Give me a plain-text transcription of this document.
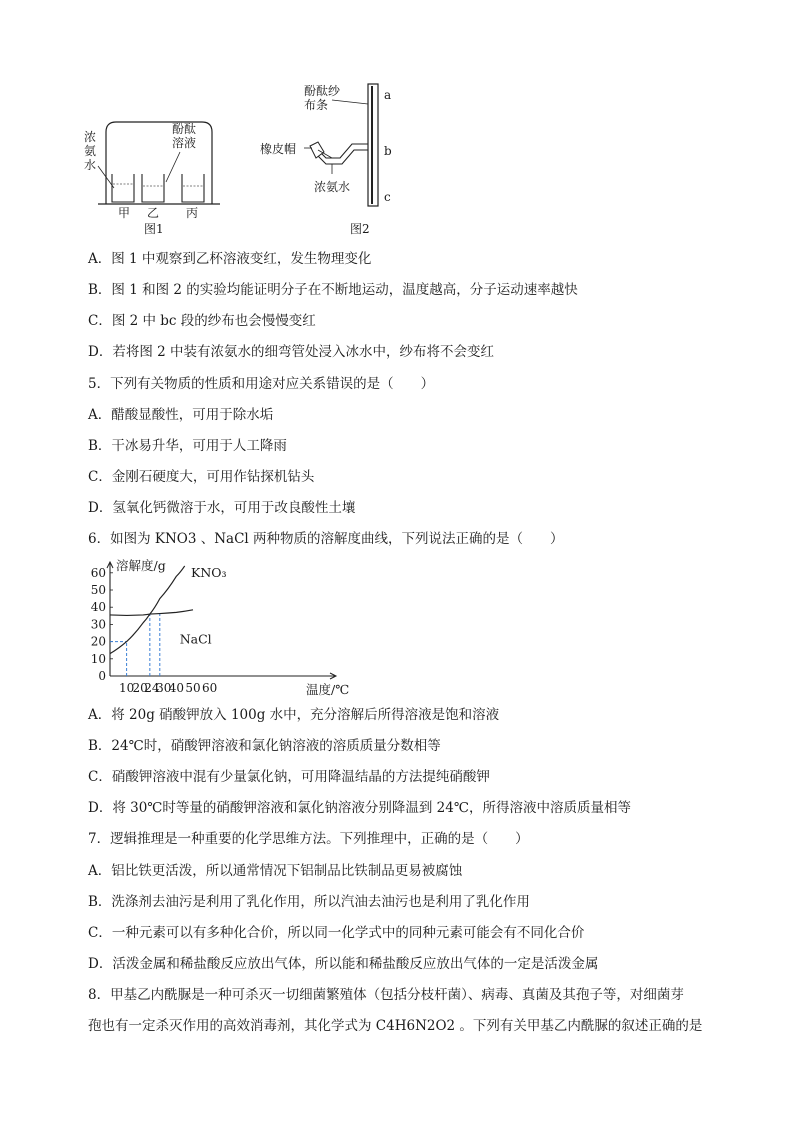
浓氨水
酚酞溶液
甲 乙 丙
图1
酚酞纱布条
橡皮帽
浓氨水
a
b
c
图2
A．图 1 中观察到乙杯溶液变红，发生物理变化
B．图 1 和图 2 的实验均能证明分子在不断地运动，温度越高，分子运动速率越快
C．图 2 中 bc 段的纱布也会慢慢变红
D．若将图 2 中装有浓氨水的细弯管处浸入冰水中，纱布将不会变红
5．下列有关物质的性质和用途对应关系错误的是（　　）
A．醋酸显酸性，可用于除水垢
B．干冰易升华，可用于人工降雨
C．金刚石硬度大，可用作钻探机钻头
D．氢氧化钙微溶于水，可用于改良酸性土壤
6．如图为 KNO3 、NaCl 两种物质的溶解度曲线，下列说法正确的是（　　）
0
10
20
30
40
50
60
10
20
24
30
40 50 60
溶解度/g
温度/℃
KNO₃
NaCl
A．将 20g 硝酸钾放入 100g 水中，充分溶解后所得溶液是饱和溶液
B．24℃时，硝酸钾溶液和氯化钠溶液的溶质质量分数相等
C．硝酸钾溶液中混有少量氯化钠，可用降温结晶的方法提纯硝酸钾
D．将 30℃时等量的硝酸钾溶液和氯化钠溶液分别降温到 24℃，所得溶液中溶质质量相等
7．逻辑推理是一种重要的化学思维方法。下列推理中，正确的是（　　）
A．铝比铁更活泼，所以通常情况下铝制品比铁制品更易被腐蚀
B．洗涤剂去油污是利用了乳化作用，所以汽油去油污也是利用了乳化作用
C．一种元素可以有多种化合价，所以同一化学式中的同种元素可能会有不同化合价
D．活泼金属和稀盐酸反应放出气体，所以能和稀盐酸反应放出气体的一定是活泼金属
8．甲基乙内酰脲是一种可杀灭一切细菌繁殖体（包括分枝杆菌）、病毒、真菌及其孢子等，对细菌芽
孢也有一定杀灭作用的高效消毒剂，其化学式为 C4H6N2O2 。下列有关甲基乙内酰脲的叙述正确的是
